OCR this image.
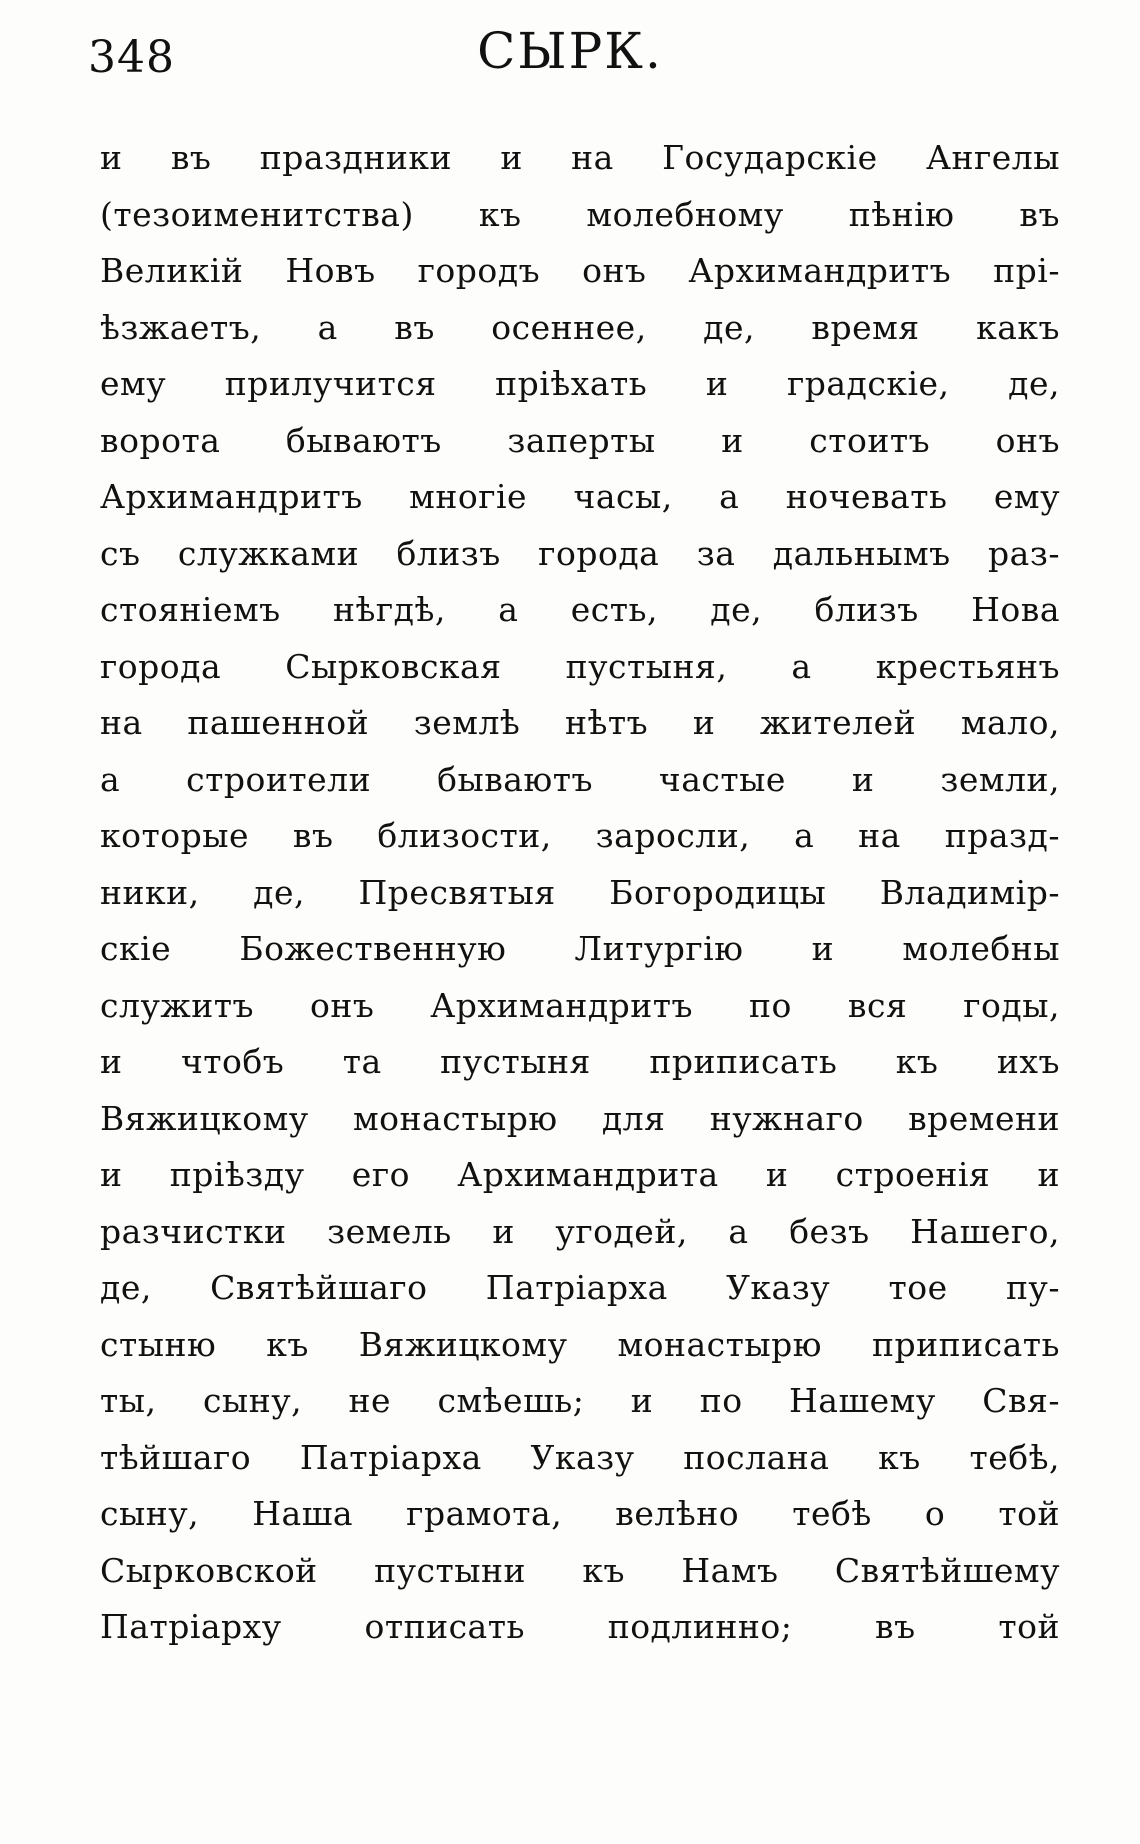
348	СЫРК.
и въ праздники и на Государскiе Ангелы
(тезоименитства) къ молебному пѣнiю въ
Великiй Новъ городъ онъ Архимандритъ прi-
ѣзжаетъ, а въ осеннее, де, время какъ
ему прилучится прiѣхать и градскiе, де,
ворота бываютъ заперты и стоитъ онъ
Архимандритъ многiе часы, а ночевать ему
съ служками близъ города за дальнымъ раз-
стоянiемъ нѣгдѣ, а есть, де, близъ Нова
города Сырковская пустыня, а крестьянъ
на пашенной землѣ нѣтъ и жителей мало,
а строители бываютъ частые и земли,
которые въ близости, заросли, а на празд-
ники, де, Пресвятыя Богородицы Владимiр-
скiе Божественную Литургiю и молебны
служитъ онъ Архимандритъ по вся годы,
и чтобъ та пустыня приписать къ ихъ
Вяжицкому монастырю для нужнаго времени
и прiѣзду его Архимандрита и строенiя и
разчистки земель и угодей, а безъ Нашего,
де, Святѣйшаго Патрiарха Указу тое пу-
стыню къ Вяжицкому монастырю приписать
ты, сыну, не смѣешь; и по Нашему Свя-
тѣйшаго Патрiарха Указу послана къ тебѣ,
сыну, Наша грамота, велѣно тебѣ о той
Сырковской пустыни къ Намъ Святѣйшему
Патрiарху отписать подлинно; въ той
